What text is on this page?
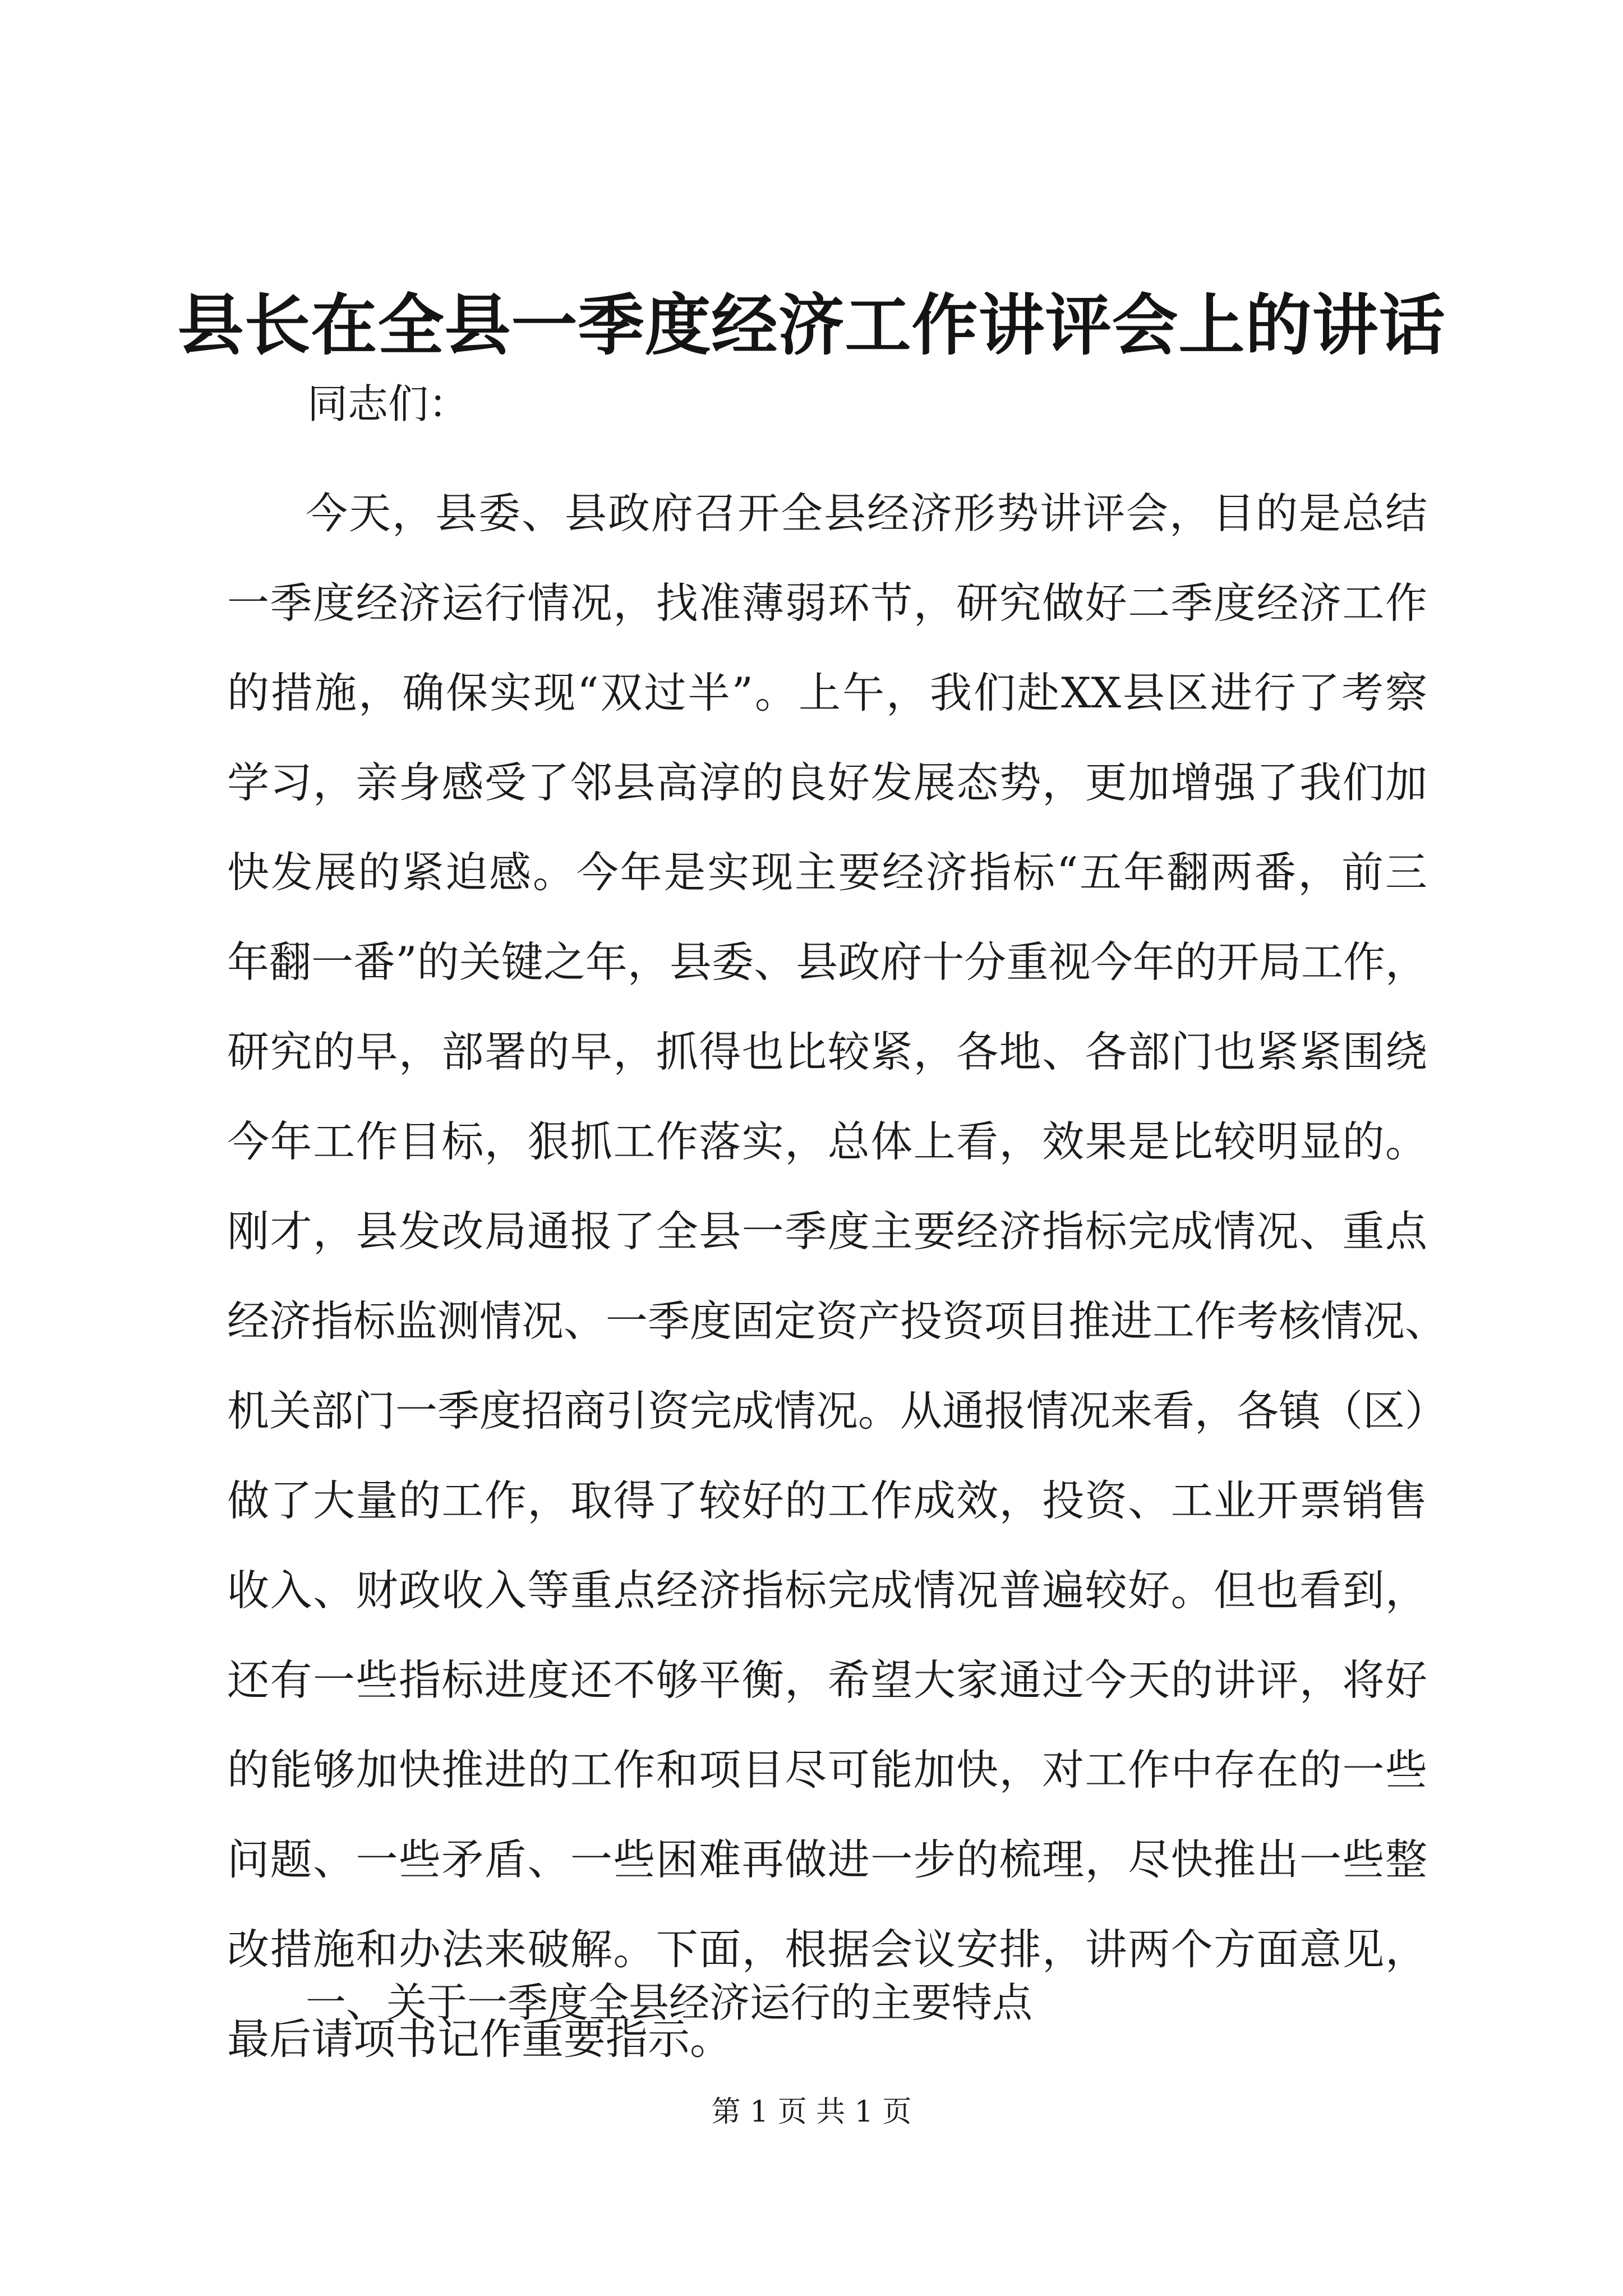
县长在全县一季度经济工作讲评会上的讲话
同志们：
今天，县委、县政府召开全县经济形势讲评会，目的是总结
一季度经济运行情况，找准薄弱环节，研究做好二季度经济工作
的措施，确保实现“双过半”。上午，我们赴XX县区进行了考察
学习，亲身感受了邻县高淳的良好发展态势，更加增强了我们加
快发展的紧迫感。今年是实现主要经济指标“五年翻两番，前三
年翻一番”的关键之年，县委、县政府十分重视今年的开局工作，
研究的早，部署的早，抓得也比较紧，各地、各部门也紧紧围绕
今年工作目标，狠抓工作落实，总体上看，效果是比较明显的。
刚才，县发改局通报了全县一季度主要经济指标完成情况、重点
经济指标监测情况、一季度固定资产投资项目推进工作考核情况、
机关部门一季度招商引资完成情况。从通报情况来看，各镇（区）
做了大量的工作，取得了较好的工作成效，投资、工业开票销售
收入、财政收入等重点经济指标完成情况普遍较好。但也看到，
还有一些指标进度还不够平衡，希望大家通过今天的讲评，将好
的能够加快推进的工作和项目尽可能加快，对工作中存在的一些
问题、一些矛盾、一些困难再做进一步的梳理，尽快推出一些整
改措施和办法来破解。下面，根据会议安排，讲两个方面意见，
最后请项书记作重要指示。
一、关于一季度全县经济运行的主要特点
第 1 页 共 1 页
